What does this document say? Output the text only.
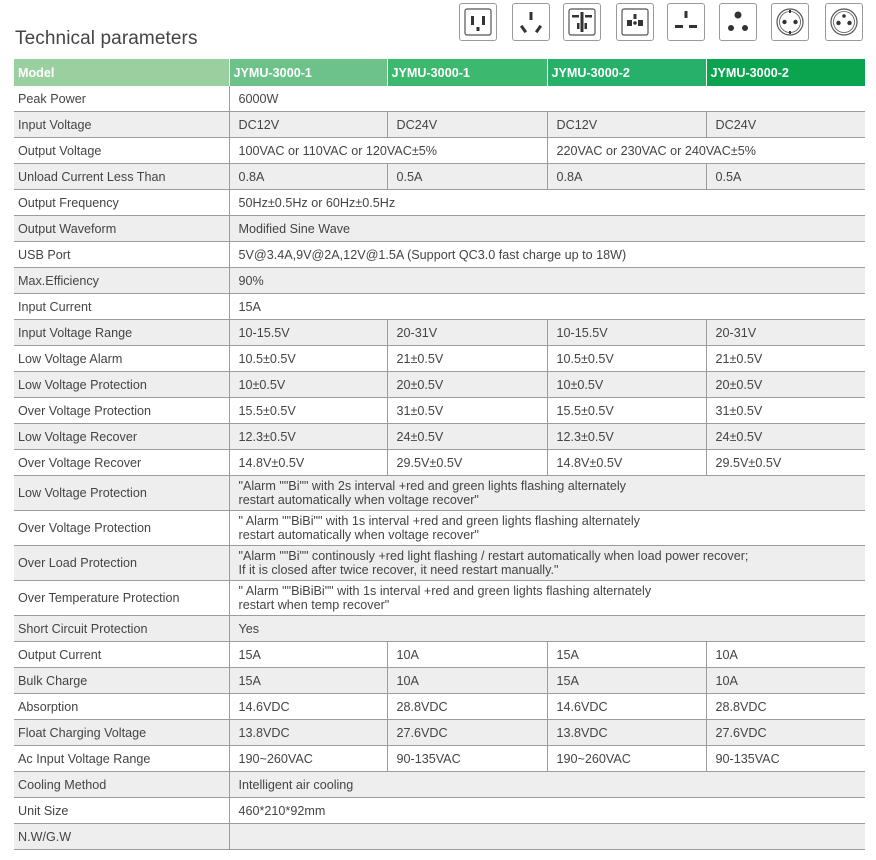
Technical parameters
Model	JYMU-3000-1	JYMU-3000-1	JYMU-3000-2	JYMU-3000-2
Peak Power	6000W			
Input Voltage	DC12V	DC24V	DC12V	DC24V
Output Voltage	100VAC or 110VAC or 120VAC±5%		220VAC or 230VAC or 240VAC±5%	
Unload Current Less Than	0.8A	0.5A	0.8A	0.5A
Output Frequency	50Hz±0.5Hz or 60Hz±0.5Hz			
Output Waveform	Modified Sine Wave			
USB Port	5V@3.4A,9V@2A,12V@1.5A (Support QC3.0 fast charge up to 18W)			
Max.Efficiency	90%			
Input Current	15A			
Input Voltage Range	10-15.5V	20-31V	10-15.5V	20-31V
Low Voltage Alarm	10.5±0.5V	21±0.5V	10.5±0.5V	21±0.5V
Low Voltage Protection	10±0.5V	20±0.5V	10±0.5V	20±0.5V
Over Voltage Protection	15.5±0.5V	31±0.5V	15.5±0.5V	31±0.5V
Low Voltage Recover	12.3±0.5V	24±0.5V	12.3±0.5V	24±0.5V
Over Voltage Recover	14.8V±0.5V	29.5V±0.5V	14.8V±0.5V	29.5V±0.5V
Low Voltage Protection	"Alarm ""Bi"" with 2s interval +red and green lights flashing alternately
restart automatically when voltage recover"			
Over Voltage Protection	" Alarm ""BiBi"" with 1s interval +red and green lights flashing alternately
restart automatically when voltage recover"			
Over Load Protection	"Alarm ""Bi"" continously +red light flashing / restart automatically when load power recover;
If it is closed after twice recover, it need restart manually."			
Over Temperature Protection	" Alarm ""BiBiBi"" with 1s interval +red and green lights flashing alternately
restart when temp recover"			
Short Circuit Protection	Yes			
Output Current	15A	10A	15A	10A
Bulk Charge	15A	10A	15A	10A
Absorption	14.6VDC	28.8VDC	14.6VDC	28.8VDC
Float Charging Voltage	13.8VDC	27.6VDC	13.8VDC	27.6VDC
Ac Input Voltage Range	190~260VAC	90-135VAC	190~260VAC	90-135VAC
Cooling Method	Intelligent air cooling			
Unit Size	460*210*92mm			
N.W/G.W				
